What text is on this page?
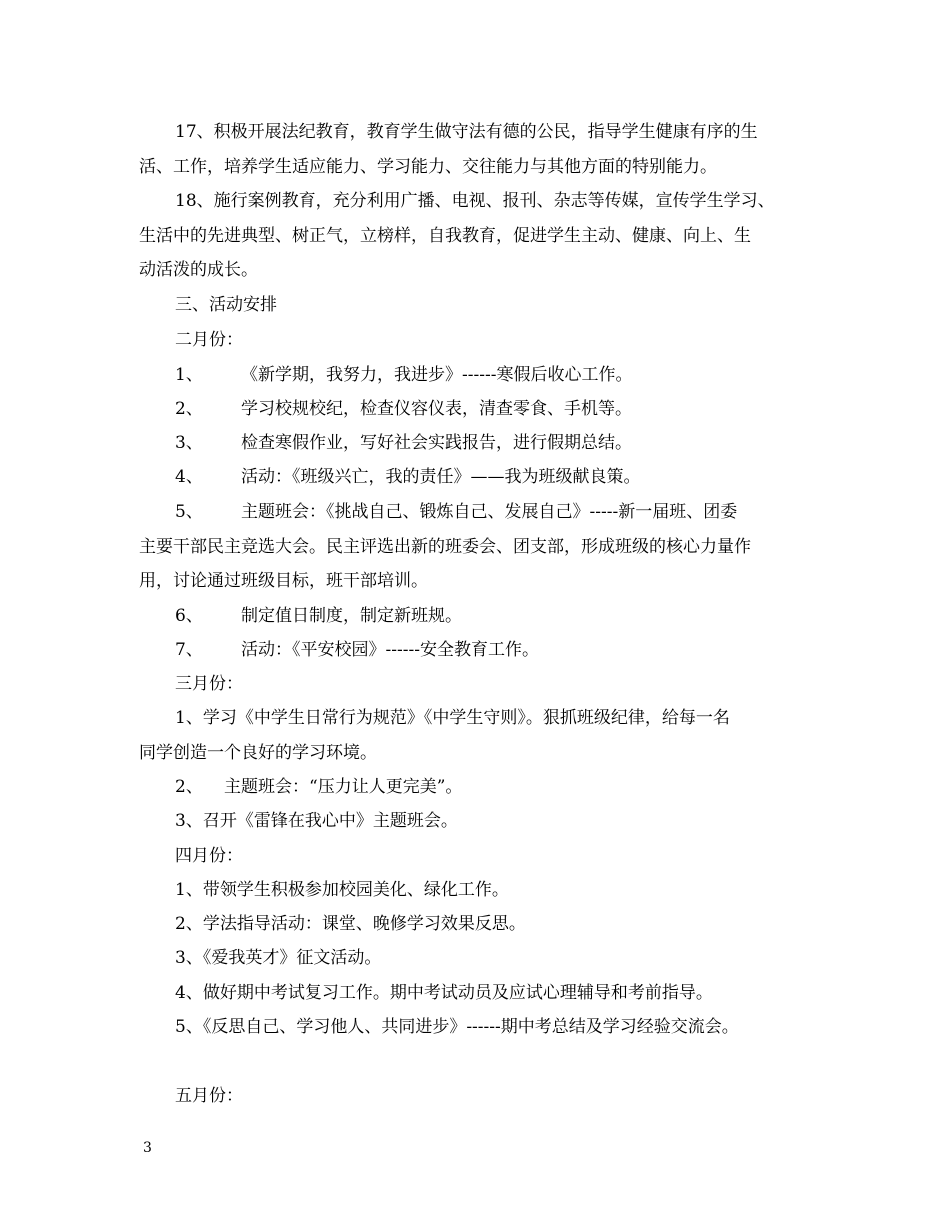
17、积极开展法纪教育，教育学生做守法有德的公民，指导学生健康有序的生
活、工作，培养学生适应能力、学习能力、交往能力与其他方面的特别能力。
18、施行案例教育，充分利用广播、电视、报刊、杂志等传媒，宣传学生学习、
生活中的先进典型、树正气，立榜样，自我教育，促进学生主动、健康、向上、生
动活泼的成长。
三、活动安排
二月份：
1、 《新学期，我努力，我进步》------寒假后收心工作。
2、 学习校规校纪，检查仪容仪表，清查零食、手机等。
3、 检查寒假作业，写好社会实践报告，进行假期总结。
4、 活动：《班级兴亡，我的责任》——我为班级献良策。
5、 主题班会：《挑战自己、锻炼自己、发展自己》-----新一届班、团委
主要干部民主竞选大会。民主评选出新的班委会、团支部，形成班级的核心力量作
用，讨论通过班级目标，班干部培训。
6、 制定值日制度，制定新班规。
7、 活动：《平安校园》------安全教育工作。
三月份：
1、学习《中学生日常行为规范》《中学生守则》。狠抓班级纪律，给每一名
同学创造一个良好的学习环境。
2、 主题班会：“压力让人更完美”。
3、召开《雷锋在我心中》主题班会。
四月份：
1、带领学生积极参加校园美化、绿化工作。
2、学法指导活动：课堂、晚修学习效果反思。
3、《爱我英才》征文活动。
4、做好期中考试复习工作。期中考试动员及应试心理辅导和考前指导。
5、《反思自己、学习他人、共同进步》------期中考总结及学习经验交流会。
五月份：
3
